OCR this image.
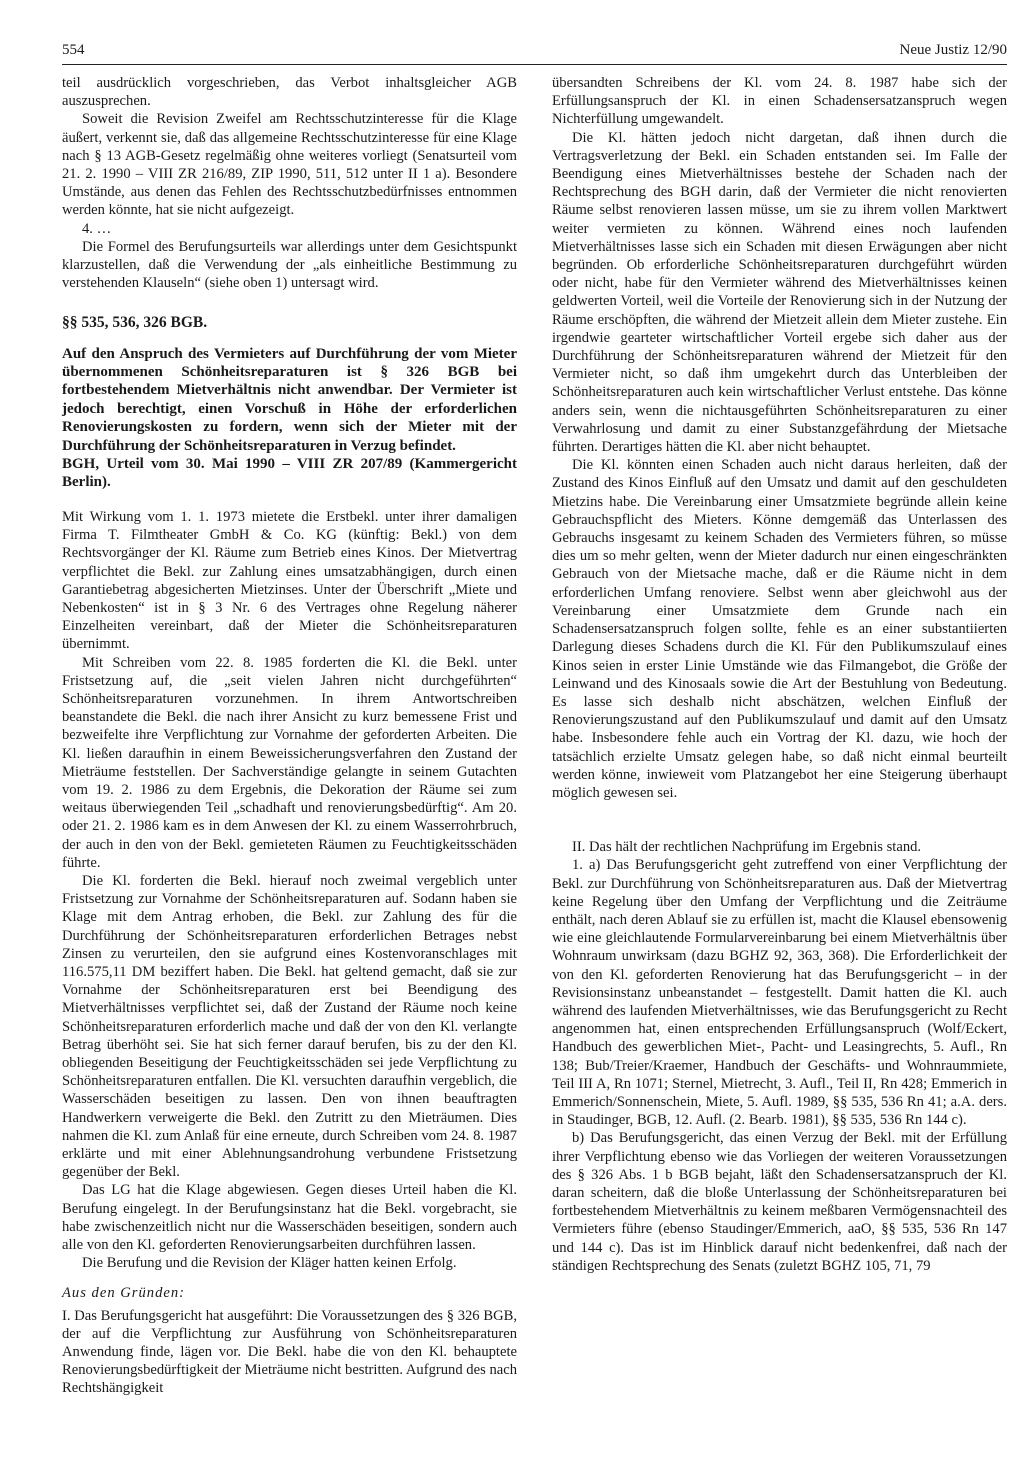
554	Neue Justiz 12/90

teil ausdrücklich vorgeschrieben, das Verbot inhaltsgleicher AGB auszusprechen.

Soweit die Revision Zweifel am Rechtsschutzinteresse für die Klage äußert, verkennt sie, daß das allgemeine Rechtsschutzinteresse für eine Klage nach § 13 AGB-Gesetz regelmäßig ohne weiteres vorliegt (Senatsurteil vom 21. 2. 1990 – VIII ZR 216/89, ZIP 1990, 511, 512 unter II 1 a). Besondere Umstände, aus denen das Fehlen des Rechtsschutzbedürfnisses entnommen werden könnte, hat sie nicht aufgezeigt.

4. …

Die Formel des Berufungsurteils war allerdings unter dem Gesichtspunkt klarzustellen, daß die Verwendung der „als einheitliche Bestimmung zu verstehenden Klauseln“ (siehe oben 1) untersagt wird.

§§ 535, 536, 326 BGB.

Auf den Anspruch des Vermieters auf Durchführung der vom Mieter übernommenen Schönheitsreparaturen ist § 326 BGB bei fortbestehendem Mietverhältnis nicht anwendbar. Der Vermieter ist jedoch berechtigt, einen Vorschuß in Höhe der erforderlichen Renovierungskosten zu fordern, wenn sich der Mieter mit der Durchführung der Schönheitsreparaturen in Verzug befindet.

BGH, Urteil vom 30. Mai 1990 – VIII ZR 207/89 (Kammergericht Berlin).

Mit Wirkung vom 1. 1. 1973 mietete die Erstbekl. unter ihrer damaligen Firma T. Filmtheater GmbH & Co. KG (künftig: Bekl.) von dem Rechtsvorgänger der Kl. Räume zum Betrieb eines Kinos. Der Mietvertrag verpflichtet die Bekl. zur Zahlung eines umsatzabhängigen, durch einen Garantiebetrag abgesicherten Mietzinses. Unter der Überschrift „Miete und Nebenkosten“ ist in § 3 Nr. 6 des Vertrages ohne Regelung näherer Einzelheiten vereinbart, daß der Mieter die Schönheitsreparaturen übernimmt.

Mit Schreiben vom 22. 8. 1985 forderten die Kl. die Bekl. unter Fristsetzung auf, die „seit vielen Jahren nicht durchgeführten“ Schönheitsreparaturen vorzunehmen. In ihrem Antwortschreiben beanstandete die Bekl. die nach ihrer Ansicht zu kurz bemessene Frist und bezweifelte ihre Verpflichtung zur Vornahme der geforderten Arbeiten. Die Kl. ließen daraufhin in einem Beweissicherungsverfahren den Zustand der Mieträume feststellen. Der Sachverständige gelangte in seinem Gutachten vom 19. 2. 1986 zu dem Ergebnis, die Dekoration der Räume sei zum weitaus überwiegenden Teil „schadhaft und renovierungsbedürftig“. Am 20. oder 21. 2. 1986 kam es in dem Anwesen der Kl. zu einem Wasserrohrbruch, der auch in den von der Bekl. gemieteten Räumen zu Feuchtigkeitsschäden führte.

Die Kl. forderten die Bekl. hierauf noch zweimal vergeblich unter Fristsetzung zur Vornahme der Schönheitsreparaturen auf. Sodann haben sie Klage mit dem Antrag erhoben, die Bekl. zur Zahlung des für die Durchführung der Schönheitsreparaturen erforderlichen Betrages nebst Zinsen zu verurteilen, den sie aufgrund eines Kostenvoranschlages mit 116.575,11 DM beziffert haben. Die Bekl. hat geltend gemacht, daß sie zur Vornahme der Schönheitsreparaturen erst bei Beendigung des Mietverhältnisses verpflichtet sei, daß der Zustand der Räume noch keine Schönheitsreparaturen erforderlich mache und daß der von den Kl. verlangte Betrag überhöht sei. Sie hat sich ferner darauf berufen, bis zu der den Kl. obliegenden Beseitigung der Feuchtigkeitsschäden sei jede Verpflichtung zu Schönheitsreparaturen entfallen. Die Kl. versuchten daraufhin vergeblich, die Wasserschäden beseitigen zu lassen. Den von ihnen beauftragten Handwerkern verweigerte die Bekl. den Zutritt zu den Mieträumen. Dies nahmen die Kl. zum Anlaß für eine erneute, durch Schreiben vom 24. 8. 1987 erklärte und mit einer Ablehnungsandrohung verbundene Fristsetzung gegenüber der Bekl.

Das LG hat die Klage abgewiesen. Gegen dieses Urteil haben die Kl. Berufung eingelegt. In der Berufungsinstanz hat die Bekl. vorgebracht, sie habe zwischenzeitlich nicht nur die Wasserschäden beseitigen, sondern auch alle von den Kl. geforderten Renovierungsarbeiten durchführen lassen.

Die Berufung und die Revision der Kläger hatten keinen Erfolg.

Aus den Gründen:

I. Das Berufungsgericht hat ausgeführt: Die Voraussetzungen des § 326 BGB, der auf die Verpflichtung zur Ausführung von Schönheitsreparaturen Anwendung finde, lägen vor. Die Bekl. habe die von den Kl. behauptete Renovierungsbedürftigkeit der Mieträume nicht bestritten. Aufgrund des nach Rechtshängigkeit

übersandten Schreibens der Kl. vom 24. 8. 1987 habe sich der Erfüllungsanspruch der Kl. in einen Schadensersatzanspruch wegen Nichterfüllung umgewandelt.

Die Kl. hätten jedoch nicht dargetan, daß ihnen durch die Vertragsverletzung der Bekl. ein Schaden entstanden sei. Im Falle der Beendigung eines Mietverhältnisses bestehe der Schaden nach der Rechtsprechung des BGH darin, daß der Vermieter die nicht renovierten Räume selbst renovieren lassen müsse, um sie zu ihrem vollen Marktwert weiter vermieten zu können. Während eines noch laufenden Mietverhältnisses lasse sich ein Schaden mit diesen Erwägungen aber nicht begründen. Ob erforderliche Schönheitsreparaturen durchgeführt würden oder nicht, habe für den Vermieter während des Mietverhältnisses keinen geldwerten Vorteil, weil die Vorteile der Renovierung sich in der Nutzung der Räume erschöpften, die während der Mietzeit allein dem Mieter zustehe. Ein irgendwie gearteter wirtschaftlicher Vorteil ergebe sich daher aus der Durchführung der Schönheitsreparaturen während der Mietzeit für den Vermieter nicht, so daß ihm umgekehrt durch das Unterbleiben der Schönheitsreparaturen auch kein wirtschaftlicher Verlust entstehe. Das könne anders sein, wenn die nichtausgeführten Schönheitsreparaturen zu einer Verwahrlosung und damit zu einer Substanzgefährdung der Mietsache führten. Derartiges hätten die Kl. aber nicht behauptet.

Die Kl. könnten einen Schaden auch nicht daraus herleiten, daß der Zustand des Kinos Einfluß auf den Umsatz und damit auf den geschuldeten Mietzins habe. Die Vereinbarung einer Umsatzmiete begründe allein keine Gebrauchspflicht des Mieters. Könne demgemäß das Unterlassen des Gebrauchs insgesamt zu keinem Schaden des Vermieters führen, so müsse dies um so mehr gelten, wenn der Mieter dadurch nur einen eingeschränkten Gebrauch von der Mietsache mache, daß er die Räume nicht in dem erforderlichen Umfang renoviere. Selbst wenn aber gleichwohl aus der Vereinbarung einer Umsatzmiete dem Grunde nach ein Schadensersatzanspruch folgen sollte, fehle es an einer substantiierten Darlegung dieses Schadens durch die Kl. Für den Publikumszulauf eines Kinos seien in erster Linie Umstände wie das Filmangebot, die Größe der Leinwand und des Kinosaals sowie die Art der Bestuhlung von Bedeutung. Es lasse sich deshalb nicht abschätzen, welchen Einfluß der Renovierungszustand auf den Publikumszulauf und damit auf den Umsatz habe. Insbesondere fehle auch ein Vortrag der Kl. dazu, wie hoch der tatsächlich erzielte Umsatz gelegen habe, so daß nicht einmal beurteilt werden könne, inwieweit vom Platzangebot her eine Steigerung überhaupt möglich gewesen sei.

II. Das hält der rechtlichen Nachprüfung im Ergebnis stand.

1. a) Das Berufungsgericht geht zutreffend von einer Verpflichtung der Bekl. zur Durchführung von Schönheitsreparaturen aus. Daß der Mietvertrag keine Regelung über den Umfang der Verpflichtung und die Zeiträume enthält, nach deren Ablauf sie zu erfüllen ist, macht die Klausel ebensowenig wie eine gleichlautende Formularvereinbarung bei einem Mietverhältnis über Wohnraum unwirksam (dazu BGHZ 92, 363, 368). Die Erforderlichkeit der von den Kl. geforderten Renovierung hat das Berufungsgericht – in der Revisionsinstanz unbeanstandet – festgestellt. Damit hatten die Kl. auch während des laufenden Mietverhältnisses, wie das Berufungsgericht zu Recht angenommen hat, einen entsprechenden Erfüllungsanspruch (Wolf/Eckert, Handbuch des gewerblichen Miet-, Pacht- und Leasingrechts, 5. Aufl., Rn 138; Bub/Treier/Kraemer, Handbuch der Geschäfts- und Wohnraummiete, Teil III A, Rn 1071; Sternel, Mietrecht, 3. Aufl., Teil II, Rn 428; Emmerich in Emmerich/Sonnenschein, Miete, 5. Aufl. 1989, §§ 535, 536 Rn 41; a.A. ders. in Staudinger, BGB, 12. Aufl. (2. Bearb. 1981), §§ 535, 536 Rn 144 c).

b) Das Berufungsgericht, das einen Verzug der Bekl. mit der Erfüllung ihrer Verpflichtung ebenso wie das Vorliegen der weiteren Voraussetzungen des § 326 Abs. 1 b BGB bejaht, läßt den Schadensersatzanspruch der Kl. daran scheitern, daß die bloße Unterlassung der Schönheitsreparaturen bei fortbestehendem Mietverhältnis zu keinem meßbaren Vermögensnachteil des Vermieters führe (ebenso Staudinger/Emmerich, aaO, §§ 535, 536 Rn 147 und 144 c). Das ist im Hinblick darauf nicht bedenkenfrei, daß nach der ständigen Rechtsprechung des Senats (zuletzt BGHZ 105, 71, 79
